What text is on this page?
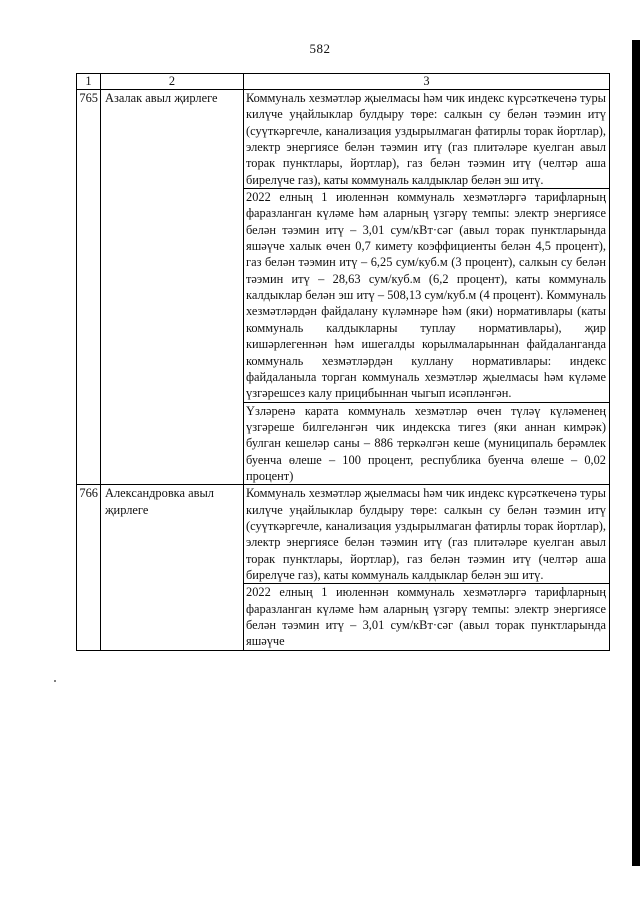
582
1	2	3
765	Азалак авыл җирлеге	Коммуналь хезмәтләр җыелмасы һәм чик индекс күрсәткеченә туры килүче уңайлыклар булдыру төре: салкын су белән тәэмин итү (суүткәргечле, канализация уздырылмаган фатирлы торак йортлар), электр энергиясе белән тәэмин итү (газ плитәләре куелган авыл торак пунктлары, йортлар), газ белән тәэмин итү (челтәр аша бирелүче газ), каты коммуналь калдыклар белән эш итү.

2022 елның 1 июленнән коммуналь хезмәтләргә тарифларның фаразланган күләме һәм аларның үзгәрү темпы: электр энергиясе белән тәэмин итү – 3,01 сум/кВт·сәг (авыл торак пунктларында яшәүче халык өчен 0,7 кимету коэффициенты белән 4,5 процент), газ белән тәэмин итү – 6,25 сум/куб.м (3 процент), салкын су белән тәэмин итү – 28,63 сум/куб.м (6,2 процент), каты коммуналь калдыклар белән эш итү – 508,13 сум/куб.м (4 процент). Коммуналь хезмәтләрдән файдалану күләмнәре һәм (яки) нормативлары (каты коммуналь калдыкларны туплау нормативлары), җир кишәрлегеннән һәм ишегалды корылмаларыннан файдаланганда коммуналь хезмәтләрдән куллану нормативлары: индекс файдаланыла торган коммуналь хезмәтләр җыелмасы һәм күләме үзгәрешсез калу прицибыннан чыгып исәпләнгән.

Үзләренә карата коммуналь хезмәтләр өчен түләү күләменең үзгәреше билгеләнгән чик индекска тигез (яки аннан кимрәк) булган кешеләр саны – 886 теркәлгән кеше (муниципаль берәмлек буенча өлеше – 100 процент, республика буенча өлеше – 0,02 процент)

766	Александровка авыл җирлеге	Коммуналь хезмәтләр җыелмасы һәм чик индекс күрсәткеченә туры килүче уңайлыклар булдыру төре: салкын су белән тәэмин итү (суүткәргечле, канализация уздырылмаган фатирлы торак йортлар), электр энергиясе белән тәэмин итү (газ плитәләре куелган авыл торак пунктлары, йортлар), газ белән тәэмин итү (челтәр аша бирелүче газ), каты коммуналь калдыклар белән эш итү.

2022 елның 1 июленнән коммуналь хезмәтләргә тарифларның фаразланган күләме һәм аларның үзгәрү темпы: электр энергиясе белән тәэмин итү – 3,01 сум/кВт·сәг (авыл торак пунктларында яшәүче
